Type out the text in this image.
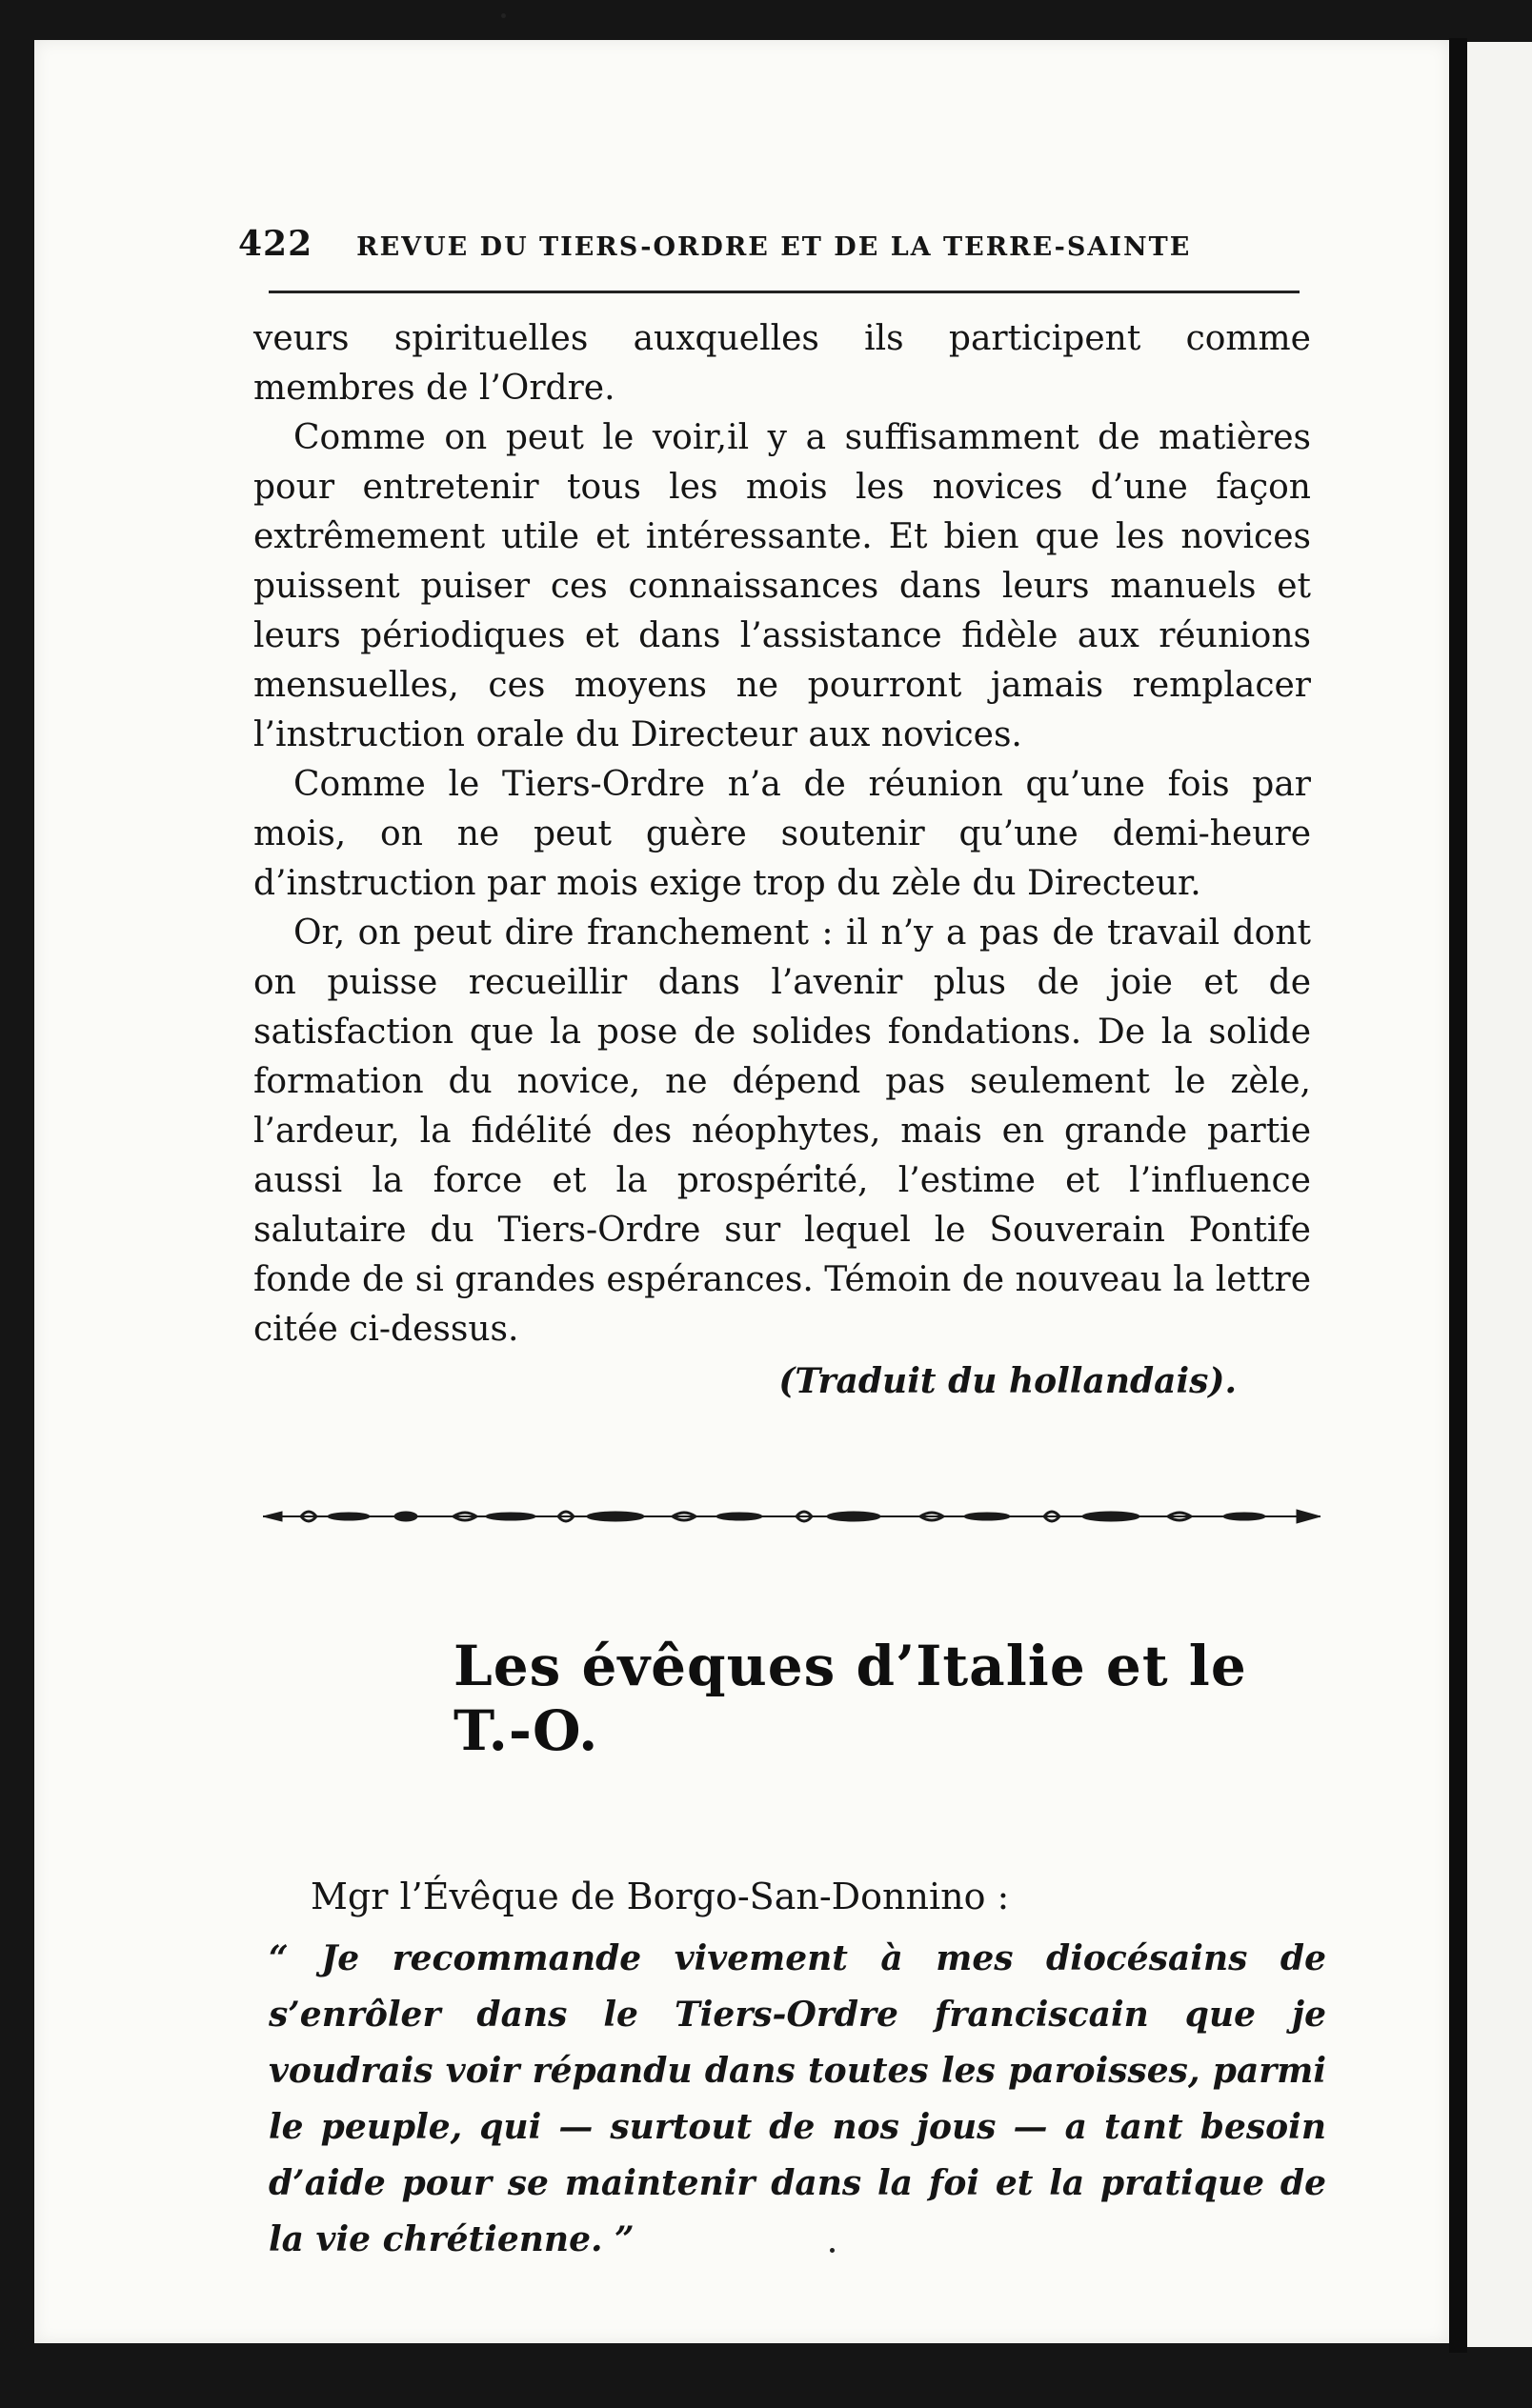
422 REVUE DU TIERS-ORDRE ET DE LA TERRE-SAINTE

veurs spirituelles auxquelles ils participent comme membres de l’Ordre.

Comme on peut le voir,il y a suffisamment de matières pour entretenir tous les mois les novices d’une façon extrêmement utile et intéressante. Et bien que les novices puissent puiser ces connaissances dans leurs manuels et leurs périodiques et dans l’assistance fidèle aux réunions mensuelles, ces moyens ne pourront jamais remplacer l’instruction orale du Directeur aux novices.

Comme le Tiers-Ordre n’a de réunion qu’une fois par mois, on ne peut guère soutenir qu’une demi-heure d’instruction par mois exige trop du zèle du Directeur.

Or, on peut dire franchement : il n’y a pas de travail dont on puisse recueillir dans l’avenir plus de joie et de satisfaction que la pose de solides fondations. De la solide formation du novice, ne dépend pas seulement le zèle, l’ardeur, la fidélité des néophytes, mais en grande partie aussi la force et la prospérité, l’estime et l’influence salutaire du Tiers-Ordre sur lequel le Souverain Pontife fonde de si grandes espérances. Témoin de nouveau la lettre citée ci-dessus.

(Traduit du hollandais).
Les évêques d’Italie et le T.-O.
Mgr l’Évêque de Borgo-San-Donnino :
“ Je recommande vivement à mes diocésains de s’enrôler dans le Tiers-Ordre franciscain que je voudrais voir répandu dans toutes les paroisses, parmi le peuple, qui — surtout de nos jous — a tant besoin d’aide pour se maintenir dans la foi et la pratique de la vie chrétienne. ”
